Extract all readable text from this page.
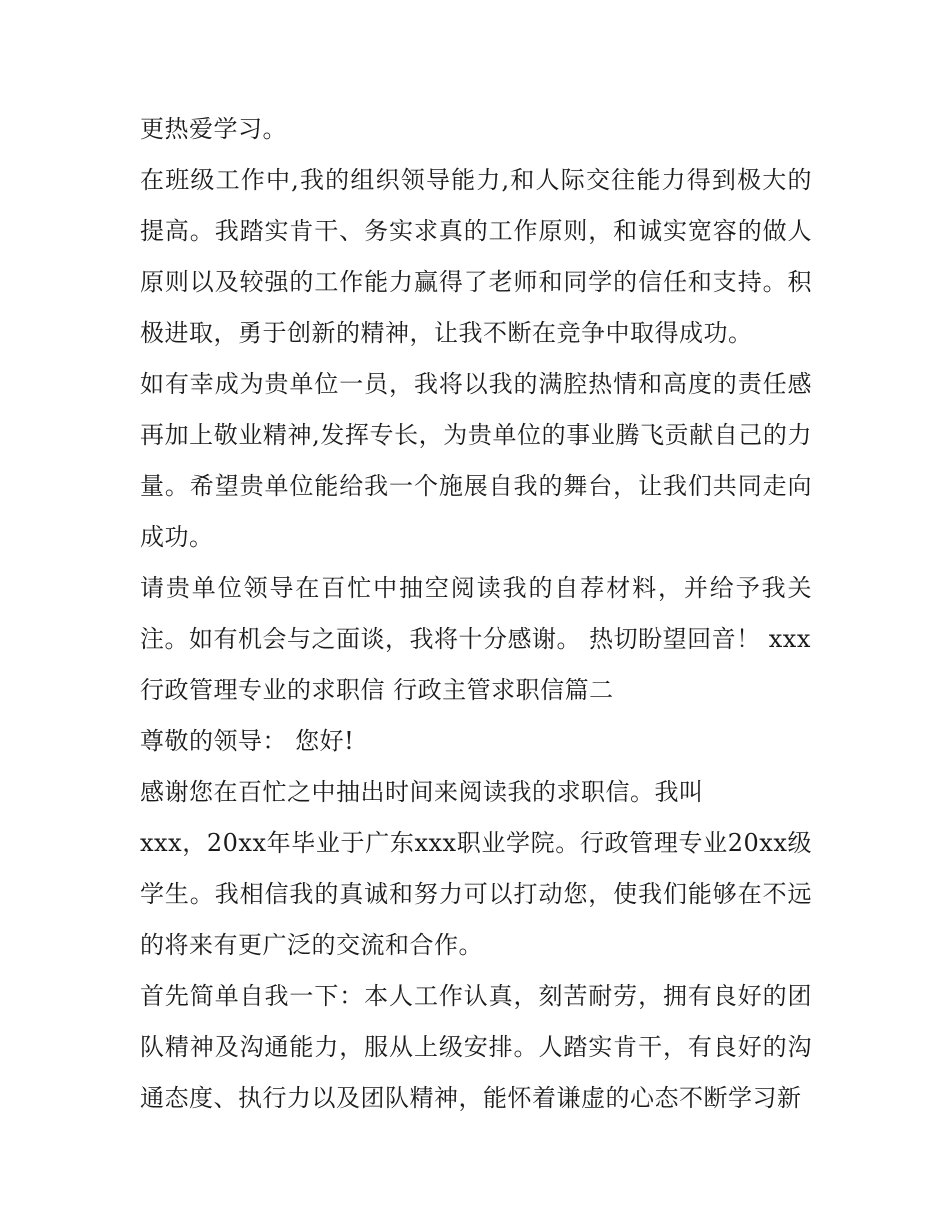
更热爱学习。

在班级工作中,我的组织领导能力,和人际交往能力得到极大的提高。我踏实肯干、务实求真的工作原则，和诚实宽容的做人原则以及较强的工作能力赢得了老师和同学的信任和支持。积极进取，勇于创新的精神，让我不断在竞争中取得成功。

如有幸成为贵单位一员，我将以我的满腔热情和高度的责任感再加上敬业精神,发挥专长，为贵单位的事业腾飞贡献自己的力量。希望贵单位能给我一个施展自我的舞台，让我们共同走向成功。

请贵单位领导在百忙中抽空阅读我的自荐材料，并给予我关注。如有机会与之面谈，我将十分感谢。 热切盼望回音！ xxx

行政管理专业的求职信 行政主管求职信篇二

尊敬的领导： 您好!

感谢您在百忙之中抽出时间来阅读我的求职信。我叫

xxx，20xx年毕业于广东xxx职业学院。行政管理专业20xx级学生。我相信我的真诚和努力可以打动您，使我们能够在不远的将来有更广泛的交流和合作。

首先简单自我一下：本人工作认真，刻苦耐劳，拥有良好的团队精神及沟通能力，服从上级安排。人踏实肯干，有良好的沟通态度、执行力以及团队精神，能怀着谦虚的心态不断学习新
